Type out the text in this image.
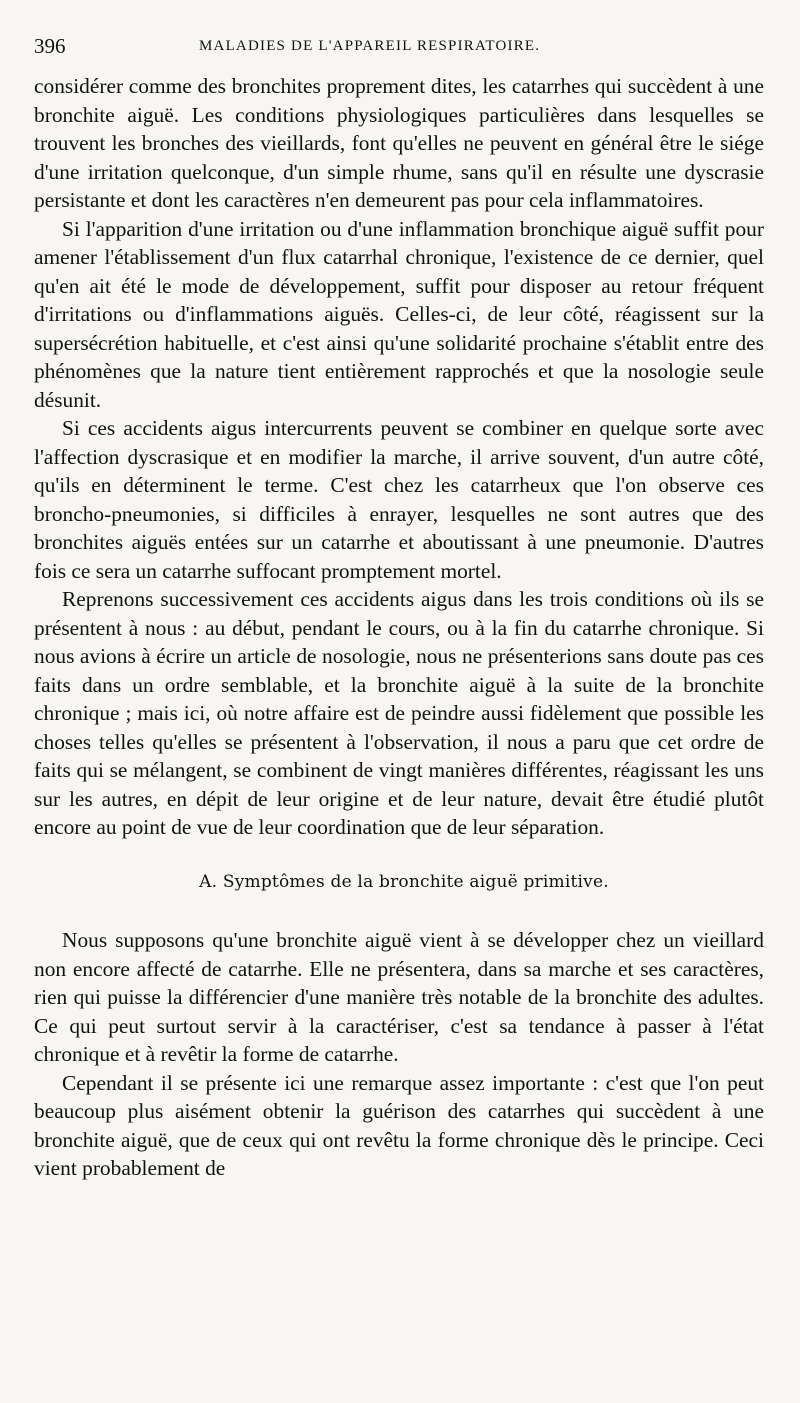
396	MALADIES DE L'APPAREIL RESPIRATOIRE.

considérer comme des bronchites proprement dites, les catarrhes qui succèdent à une bronchite aiguë. Les conditions physiologiques particulières dans lesquelles se trouvent les bronches des vieillards, font qu'elles ne peuvent en général être le siége d'une irritation quelconque, d'un simple rhume, sans qu'il en résulte une dyscrasie persistante et dont les caractères n'en demeurent pas pour cela inflammatoires.

Si l'apparition d'une irritation ou d'une inflammation bronchique aiguë suffit pour amener l'établissement d'un flux catarrhal chronique, l'existence de ce dernier, quel qu'en ait été le mode de développement, suffit pour disposer au retour fréquent d'irritations ou d'inflammations aiguës. Celles-ci, de leur côté, réagissent sur la supersécrétion habituelle, et c'est ainsi qu'une solidarité prochaine s'établit entre des phénomènes que la nature tient entièrement rapprochés et que la nosologie seule désunit.

Si ces accidents aigus intercurrents peuvent se combiner en quelque sorte avec l'affection dyscrasique et en modifier la marche, il arrive souvent, d'un autre côté, qu'ils en déterminent le terme. C'est chez les catarrheux que l'on observe ces broncho-pneumonies, si difficiles à enrayer, lesquelles ne sont autres que des bronchites aiguës entées sur un catarrhe et aboutissant à une pneumonie. D'autres fois ce sera un catarrhe suffocant promptement mortel.

Reprenons successivement ces accidents aigus dans les trois conditions où ils se présentent à nous : au début, pendant le cours, ou à la fin du catarrhe chronique. Si nous avions à écrire un article de nosologie, nous ne présenterions sans doute pas ces faits dans un ordre semblable, et la bronchite aiguë à la suite de la bronchite chronique ; mais ici, où notre affaire est de peindre aussi fidèlement que possible les choses telles qu'elles se présentent à l'observation, il nous a paru que cet ordre de faits qui se mélangent, se combinent de vingt manières différentes, réagissant les uns sur les autres, en dépit de leur origine et de leur nature, devait être étudié plutôt encore au point de vue de leur coordination que de leur séparation.

A. Symptômes de la bronchite aiguë primitive.

Nous supposons qu'une bronchite aiguë vient à se développer chez un vieillard non encore affecté de catarrhe. Elle ne présentera, dans sa marche et ses caractères, rien qui puisse la différencier d'une manière très notable de la bronchite des adultes. Ce qui peut surtout servir à la caractériser, c'est sa tendance à passer à l'état chronique et à revêtir la forme de catarrhe.

Cependant il se présente ici une remarque assez importante : c'est que l'on peut beaucoup plus aisément obtenir la guérison des catarrhes qui succèdent à une bronchite aiguë, que de ceux qui ont revêtu la forme chronique dès le principe. Ceci vient probablement de
